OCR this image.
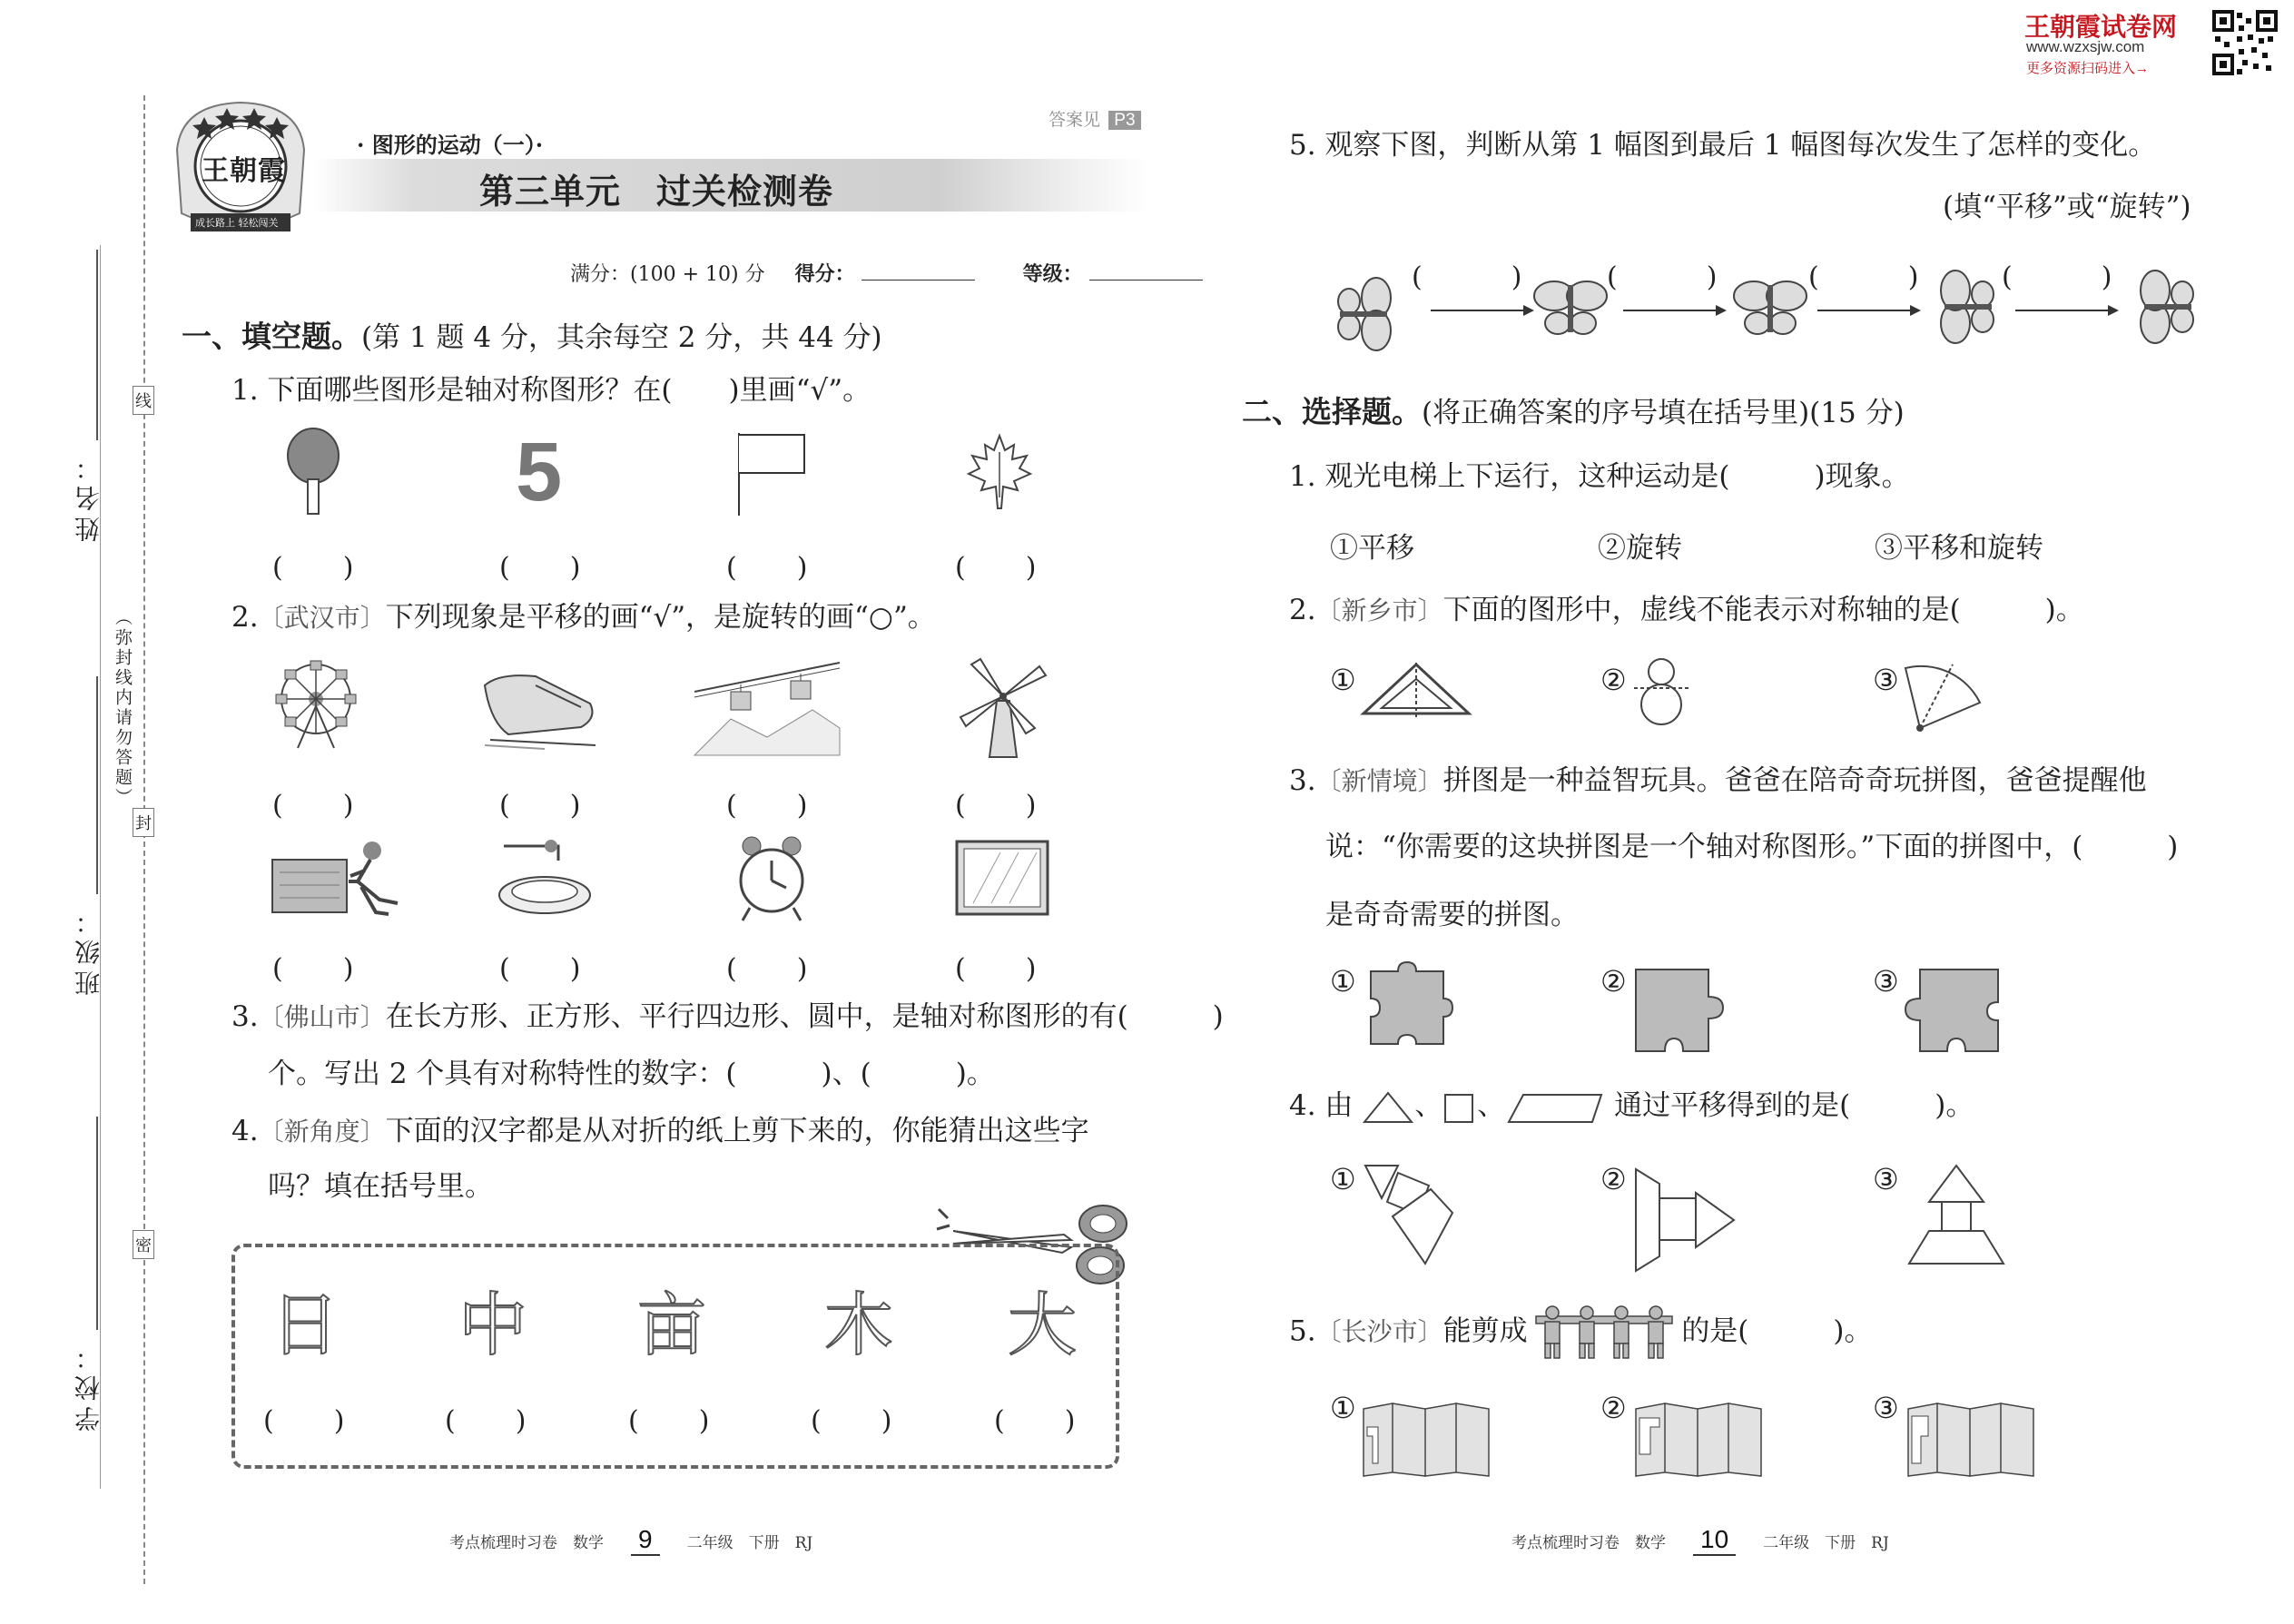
姓名：
班级：
学校：
线
封
密
（弥封线内请勿答题）
王朝霞试卷网
www.wzxsjw.com
更多资源扫码进入→
王朝霞
成长路上 轻松闯关
· 图形的运动（一）·
第三单元　过关检测卷
答案见 P3
满分：(100 + 10) 分 得分：	等级：
一、填空题。(第 1 题 4 分，其余每空 2 分，共 44 分)
1. 下面哪些图形是轴对称图形？在(　　)里画“√”。
5
(　　)	(　　)	(　　)	(　　)
2.〔武汉市〕下列现象是平移的画“√”，是旋转的画“○”。
(　　)	(　　)	(　　)	(　　)
(　　)	(　　)	(　　)	(　　)
3.〔佛山市〕在长方形、正方形、平行四边形、圆中，是轴对称图形的有(　　　)
个。写出 2 个具有对称特性的数字：(　　　)、(　　　)。
4.〔新角度〕下面的汉字都是从对折的纸上剪下来的，你能猜出这些字
吗？填在括号里。
日 中 亩 木 大
(　　)	(　　)	(　　)	(　　)	(　　)
考点梳理时习卷　数学 9 二年级　下册　RJ
5. 观察下图，判断从第 1 幅图到最后 1 幅图每次发生了怎样的变化。
(填“平移”或“旋转”)
(　　　)	(　　　)	(　　　)	(　　　)
二、选择题。(将正确答案的序号填在括号里)(15 分)
1. 观光电梯上下运行，这种运动是(　　　)现象。
①平移	②旋转	③平移和旋转
2.〔新乡市〕下面的图形中，虚线不能表示对称轴的是(　　　)。
①	②	③
3.〔新情境〕拼图是一种益智玩具。爸爸在陪奇奇玩拼图，爸爸提醒他
说：“你需要的这块拼图是一个轴对称图形。”下面的拼图中，(　　　)
是奇奇需要的拼图。
①	②	③
4. 由 、 、	通过平移得到的是(　　　)。
①	②	③
5.〔长沙市〕能剪成	的是(　　　)。
①	②	③
考点梳理时习卷　数学 10 二年级　下册　RJ
